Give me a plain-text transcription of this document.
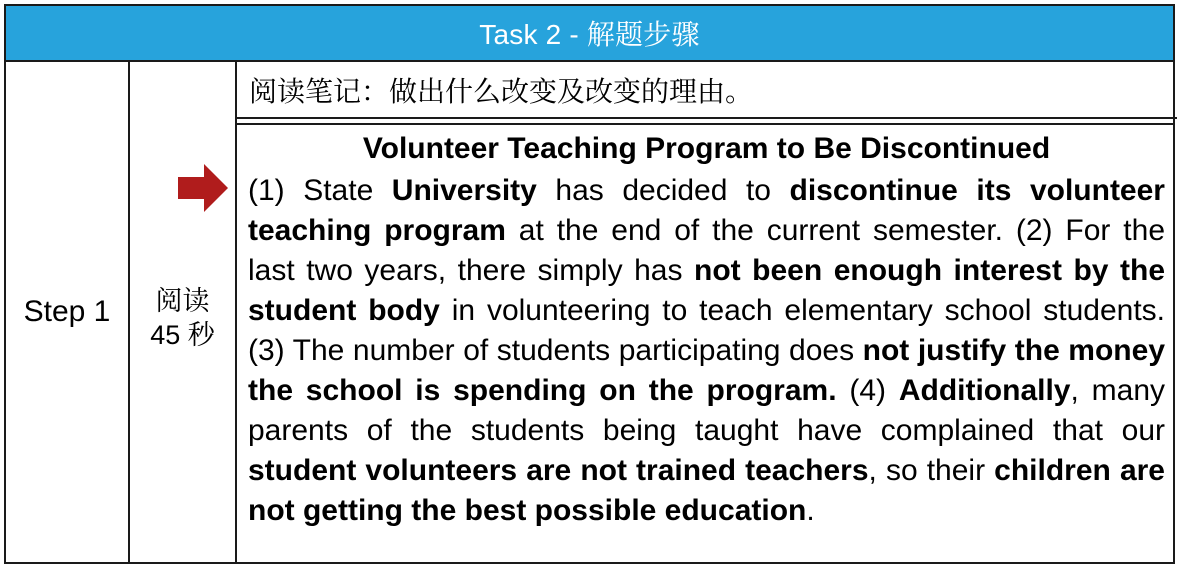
Task 2 - 解题步骤
Step 1	阅读
45 秒
阅读笔记：做出什么改变及改变的理由。
Volunteer Teaching Program to Be Discontinued
(1) State University has decided to discontinue its volunteer teaching program at the end of the current semester. (2) For the last two years, there simply has not been enough interest by the student body in volunteering to teach elementary school students. (3) The number of students participating does not justify the money the school is spending on the program. (4) Additionally, many parents of the students being taught have complained that our student volunteers are not trained teachers, so their children are not getting the best possible education.
